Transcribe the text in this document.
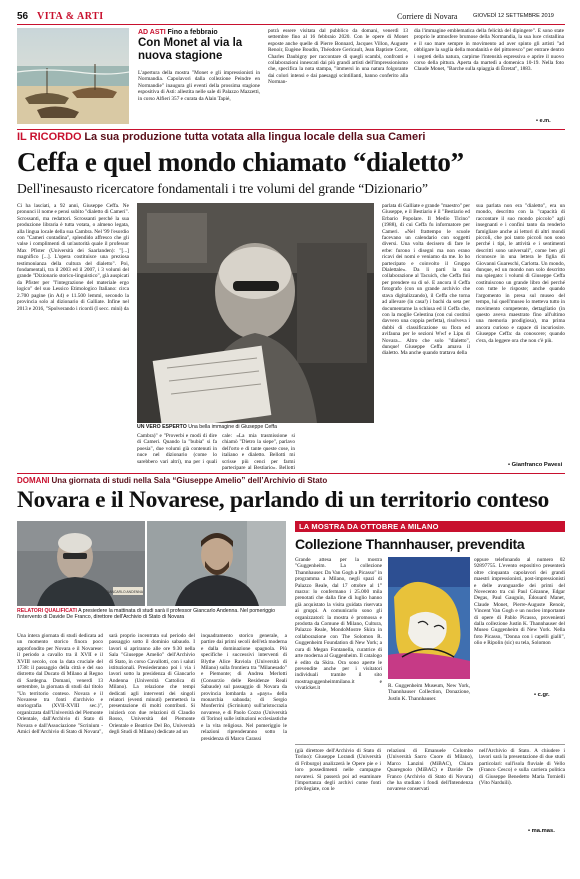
56 VITA & ARTI	Corriere di Novara	GIOVEDÌ 12 SETTEMBRE 2019
AD ASTI Fino a febbraio
Con Monet al via la nuova stagione
L'apertura della mostra "Monet e gli impressionisti in Normandia. Capolavori dalla collezione Peindre en Normandie" inaugura gli eventi della prossima stagione espositiva di Asti: allestita nelle sale di Palazzo Mazzetti, in corso Alfieri 357 e curata da Alain Tapié,
potrà essere visitata dal pubblico da domani, venerdì 13 settembre fino al 16 febbraio 2020. Con le opere di Monet esposte anche quelle di Pierre Bonnard, Jacques Villon, Auguste Renoir, Eugène Boudin, Théodore Gericault, Jean Baptiste Corot, Charles Daubigny per raccontare di quegli scambi, confronti e collaborazioni innescati dai più grandi artisti dell'Impressionismo che, specifica la nota stampa, "immersi in una natura folgorante dai colori intensi e dai paesaggi scintillanti, hanno conferito alla Norman-
dia l'immagine emblematica della felicità del dipingere". È sono state proprio le atmosfere brumose della Normandia, la sua luce cristallina e il suo mare sempre in movimento ad aver spinto gli artisti "ad obbligare la soglia della mondanità e del pittoresco" per entrare dentro i segreti della natura, carpirne l'intensità espressiva e aprire il nuovo corso della pittura. Aperta da martedì a domenica 10-19. Nella foto Claude Monet, "Barche sulla spiaggia di Étretat", 1883.
• e.m.
IL RICORDO La sua produzione tutta votata alla lingua locale della sua Cameri
Ceffa e quel mondo chiamato “dialetto”
Dell'inesausto ricercatore fondamentali i tre volumi del grande “Dizionario”
Ci ha lasciati, a 92 anni, Giuseppe Ceffa. Ne pronunci il nome e pensi subito "dialetto di Cameri". Scrossanti, ma redattori. Scrossanti perché la sua produzione libraria è tutta votata, o almeno legata, alla lingua locale della sua Cambra. Nel '99 l'esordio con "Cameri contadina", splendido affresco che gli valse i complimenti di un'autorità quale il professor Max Pfister (Università dei Saarlanden): "[...] magnifico [...]. L'opera costituisce una preziosa testimonianza della cultura del dialetto". Poi, fondamentali, tra il 2003 ed il 2007, i 3 volumi del grande "Dizionario storico-linguistico", già auspicati da Pfister per "l'integrazione del materiale ergo logico" del suo Lessico Etimologico Italiano: circa 2.700 pagine (in A4) e 11.500 lemmi, secondo la provincia solo al dizionario di Galliate. Infine nel 2013 e 2016, "Spolverando i ricordi (I secc. mini) da
UN VERO ESPERTO Una bella immagine di Giuseppe Ceffa
Cambra)" e "Proverbi e modi di dire di Cameri. Quando la "bubia" si fa poesia", due volumi già contenuti in nuce nel dizionario (come lo sarebbero vari altri), ma per i quali
cale: «La mia trasmissione si chiamò "Dietro la siepe", parlavo dell'orto e di tante queste cose, in italiano e dialetto. Bellotti mi scrisse più cenci per farmi partecipare al Bestiario». Bellotti
parlata di Galliate e grande "maestro" per Giuseppe, e il Bestiario è il "Bestiario ed Erbario Popolare. Il Medio Ticino" (1988), di cui Ceffa fu informatore per Cameri. «Nel frattempo le scuole facevano un calendario con soggetti diversi. Una volta decisero di fare le erbe: furono i disegni ma non erano ricavi dei nomi e veniamo da me. Io ho partecipato e coinvolto il Gruppo Dialettale». Da lì partì la sua collaborazione al Tacuich, che Ceffa finì per prendere su di sé. E ancora il Ceffa fotografo (con un grande archivio che stava digitalizzando), il Ceffa che torna ad allevare (in casa!) i bachi da seta per documentarne la schiusa ed il Ceffa che, con la moglie Celestina (con cui costituì davvero una coppia perfetta), risolveva i dubbi di classificazione su flora ed avifauna per le sezioni Wwf e Lipu di Novara... Altro che solo "dialetto", dunque! Giuseppe Ceffa amava il dialetto. Ma anche quando trattava della
sua parlata non era "dialetto", era un mondo, descritto con la "capacità di raccontare il suo mondo piccolo" agli insegnanti e i confini tanto da renderlo famigliare anche ai lettori di altri mondi piccoli, che poi tanto piccoli non sono perché i tipi, le attività e i sentimenti descritti sono universali", come ben gli riconosce in una lettera le figlia di Giovanni Guareschi, Carlotta. Un mondo, dunque, ed un mondo non solo descritto ma spiegato: i volumi di Giuseppe Ceffa costituiscono un grande libro dei perché con tutte le risposte; anche quando l'argomento in presa sul museo del tempo, lui quell'museo lo metteva tutto in movimento competente, dettagliatio (in questo aveva maestrato fino all'ultimo una memoria prodigiosa), ma prima ancora curioso e capace di incuriosire. Giuseppe Ceffa: da conoscere; quando c'era, da leggere ora che non c'è più.
• Gianfranco Pavesi
DOMANI Una giornata di studi nella Sala “Giuseppe Amelio” dell’Archivio di Stato
Novara e il Novarese, parlando di un territorio conteso
GIANCARLO ANDENNA
RELATORI QUALIFICATI A presiedere la mattinata di studi sarà il professor Giancarlo Andenna. Nel pomeriggio l'intervento di Davide De Franco, direttore dell'Archivio di Stato di Novara
Una intera giornata di studi dedicata ad un momento storico finora poco approfondito per Novara e il Novarese: il periodo a cavallo tra il XVII e il XVIII secolo, con la data cruciale del 1738: il passaggio della città e del suo distretto dal Ducato di Milano al Regno di Sardegna. Domani, venerdì 13 settembre, la giornata di studi dal titolo "Un territorio conteso. Novara e il Novarese tra fonti d'archivio e storiografia (XVII-XVIII sec.)", organizzata dall'Università del Piemonte Orientale, dall'Archivio di Stato di Novara e dall'Associazione "Scrinium - Amici dell'Archivio di Stato di Novara",
sarà proprio incentrata sul periodo del passaggio sotto il dominio sabaudo. I lavori si apriranno alle ore 9.30 nella Sala "Giuseppe Amelio" dell'Archivio di Stato, in corso Cavallotti, con i saluti istituzionali. Presiederanno poi i via i lavori sotto la presidenza di Giancarlo Andenna (Università Cattolica di Milano). La relazione che tempi dedicati agli interventi dei singoli relatori (eventi minuti) permetterà la presentazione di molti contributi. Si inizierà con due relazioni di Claudio Rosso, Università del Piemonte Orientale e Beatrice Del Bo, Università degli Studi di Milano) dedicate ad un
inquadramento storico generale, a partire dai primi secoli dell'età moderna e dalla dominazione spagnola. Più specifiche i successivi interventi di Blythe Alice Raviola (Università di Milano) sulla frontiera tra "Milanesado" e Piemonte; di Andrea Merlotti (Consorzio delle Residenze Reali Sabaude) sul passaggio di Novara da provincia lombarda a «pays» della monarchia sabauda; di Sergio Monferrini (Scrinium) sull'aristocrazia novarese, e di Paolo Cozzo (Università di Torino) sulle istituzioni ecclesiastiche e la vita religiosa. Nel pomeriggio le relazioni riprenderanno sotto la presidenza di Marco Carassi
LA MOSTRA DA OTTOBRE A MILANO
Collezione Thannhauser, prevendita
Grande attesa per la mostra "Guggenheim. La collezione Thannhauser. Da Van Gogh a Picasso" in programma a Milano, negli spazi di Palazzo Reale, dal 17 ottobre al 1° marzo: lo confermano i 25.000 mila prenotati che dalla fine di luglio hanno già acquistato la visita guidata riservata ai gruppi. A comunicarlo sono gli organizzatori: la mostra è promossa e prodotta da Comune di Milano, Cultura, Palazzo Reale, MondoMostre Skira in collaborazione con The Solomon R. Guggenheim Foundation di New York; a cura di Megan Fontanella, curatrice di arte moderna al Guggenheim. Il catalogo è edito da Skira. Ora sono aperte le prevendite anche per i visitatori individuali tramite il sito mostraguggenheimmilano.it e vivaticket.it
oppure telefonando al numero 02 92897755. L'evento espositivo presenterà oltre cinquanta capolavori dei grandi maestri impressionisti, post-impressionisti e delle avanguardie dei primi del Novecento tra cui Paul Cézanne, Edgar Degas, Paul Gauguin, Édouard Manet, Claude Monet, Pierre-Auguste Renoir, Vincent Van Gogh e un nucleo importante di opere di Pablo Picasso, provenienti dalla collezione Justin K. Thannhauser del Museo Guggenheim di New York. Nella foto Picasso, "Donna con i capelli gialli", olio e Ripolin (sic) su tela, Solomon
R. Guggenheim Museum, New York, Thannhauser Collection, Donazione, Justin K. Thannhauser.
• c.gr.
(già direttore dell'Archivio di Stato di Torino): Giuseppe Lorandi (Università di Friburgo) analizzerà le Opere pie e i loro possedimenti nelle campagne novaresi. Si passerà poi ad esaminare l'importanza degli archivi come fonti privilegiate, con le
relazioni di Emanuele Colombo (Università Sacro Cuore di Milano), Marco Lanzini (MiBAC), Chiara Quaregnolo (MiBAC) e Davide De Franco (Archivio di Stato di Novara) che ha studiato i fondi dell'Intendenza novarese conservati
nell'Archivio di Stato. A chiudere i lavori sarà la presentazione di due studi particolari: sull'isola fluviale di Vello (Franco Cesco) e sulla carriera politica di Giuseppe Benedetto Maria Tornielli (Vito Narduili).
• ma.mas.
